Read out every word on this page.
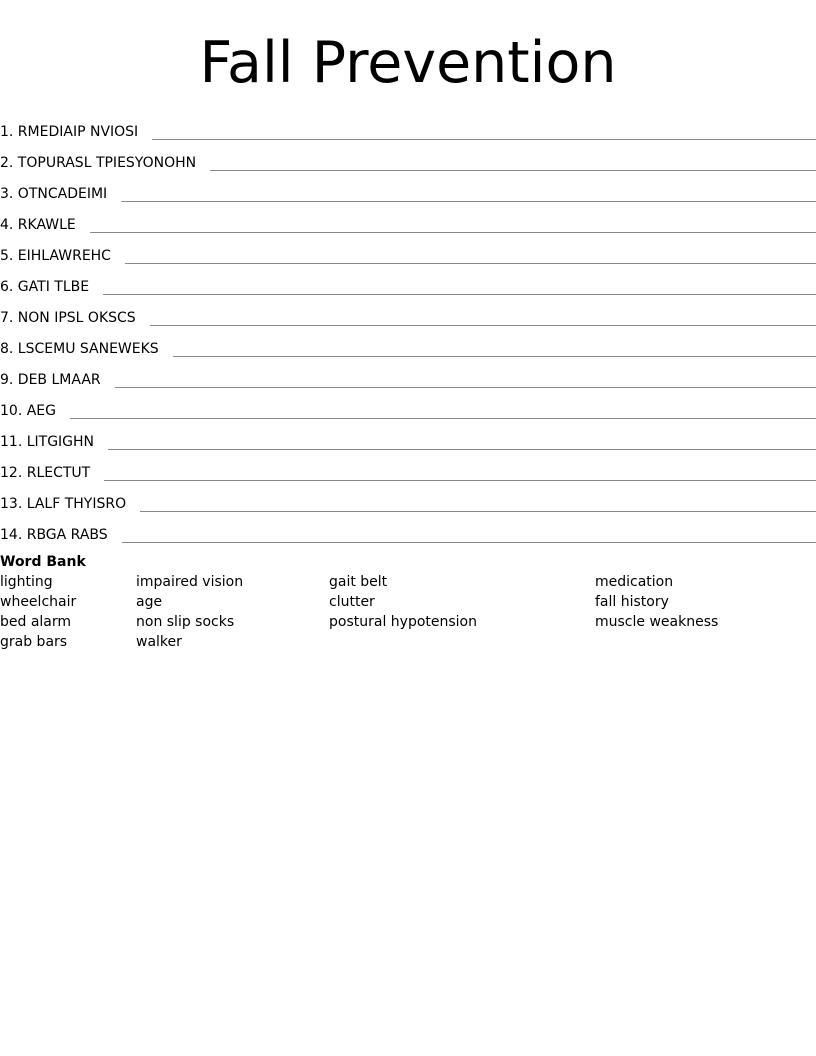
Fall Prevention
1. RMEDIAIP NVIOSI
2. TOPURASL TPIESYONOHN
3. OTNCADEIMI
4. RKAWLE
5. EIHLAWREHC
6. GATI TLBE
7. NON IPSL OKSCS
8. LSCEMU SANEWEKS
9. DEB LMAAR
10. AEG
11. LITGIGHN
12. RLECTUT
13. LALF THYISRO
14. RBGA RABS
Word Bank
lighting	impaired vision	gait belt	medication
wheelchair	age	clutter	fall history
bed alarm	non slip socks	postural hypotension	muscle weakness
grab bars	walker
